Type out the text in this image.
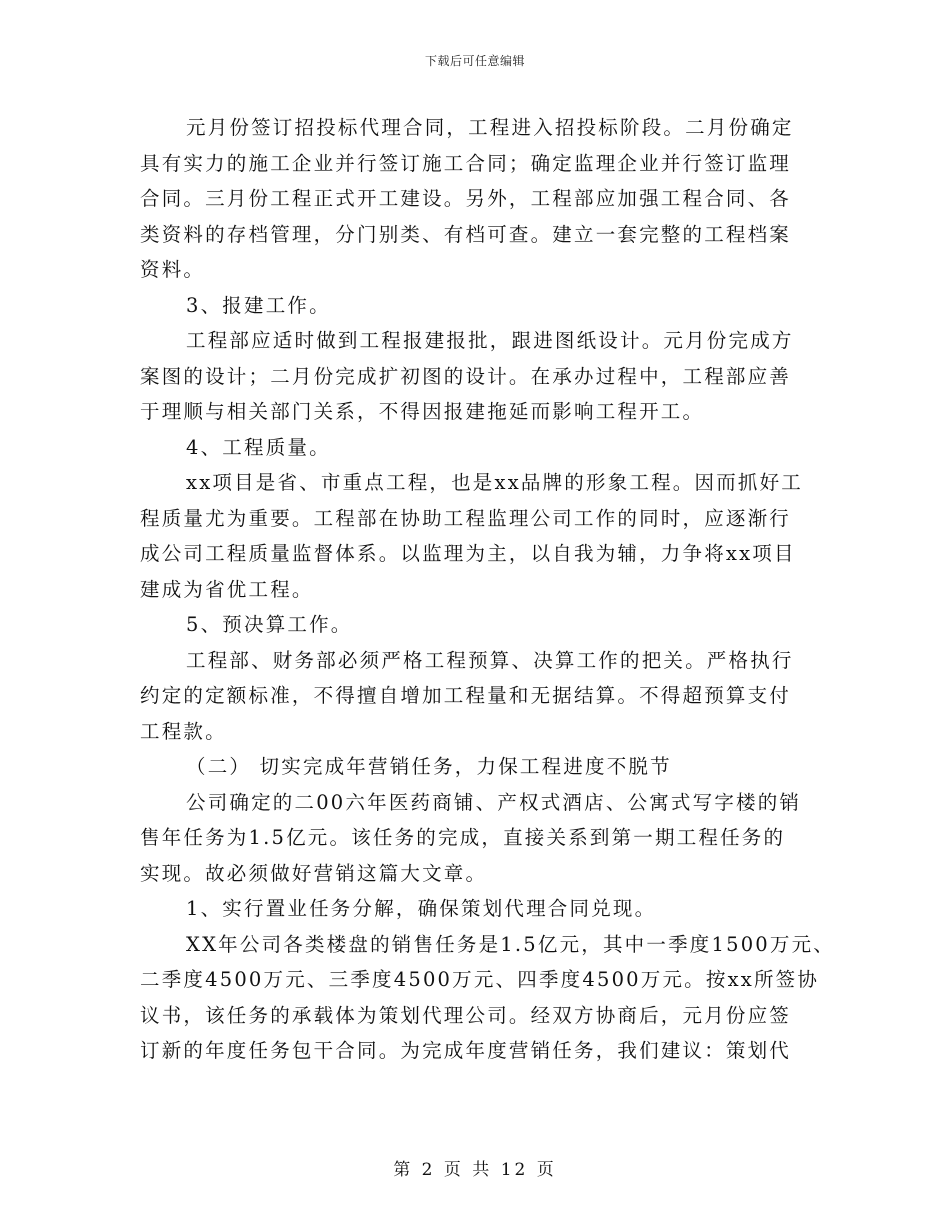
下载后可任意编辑
元月份签订招投标代理合同，工程进入招投标阶段。二月份确定
具有实力的施工企业并行签订施工合同；确定监理企业并行签订监理
合同。三月份工程正式开工建设。另外，工程部应加强工程合同、各
类资料的存档管理，分门别类、有档可查。建立一套完整的工程档案
资料。
3、报建工作。
工程部应适时做到工程报建报批，跟进图纸设计。元月份完成方
案图的设计；二月份完成扩初图的设计。在承办过程中，工程部应善
于理顺与相关部门关系，不得因报建拖延而影响工程开工。
4、工程质量。
xx项目是省、市重点工程，也是xx品牌的形象工程。因而抓好工
程质量尤为重要。工程部在协助工程监理公司工作的同时，应逐渐行
成公司工程质量监督体系。以监理为主，以自我为辅，力争将xx项目
建成为省优工程。
5、预决算工作。
工程部、财务部必须严格工程预算、决算工作的把关。严格执行
约定的定额标准，不得擅自增加工程量和无据结算。不得超预算支付
工程款。
（二） 切实完成年营销任务，力保工程进度不脱节
公司确定的二00六年医药商铺、产权式酒店、公寓式写字楼的销
售年任务为1.5亿元。该任务的完成，直接关系到第一期工程任务的
实现。故必须做好营销这篇大文章。
1、实行置业任务分解，确保策划代理合同兑现。
XX年公司各类楼盘的销售任务是1.5亿元，其中一季度1500万元、
二季度4500万元、三季度4500万元、四季度4500万元。按xx所签协
议书，该任务的承载体为策划代理公司。经双方协商后，元月份应签
订新的年度任务包干合同。为完成年度营销任务，我们建议：策划代
第 2 页 共 12 页
